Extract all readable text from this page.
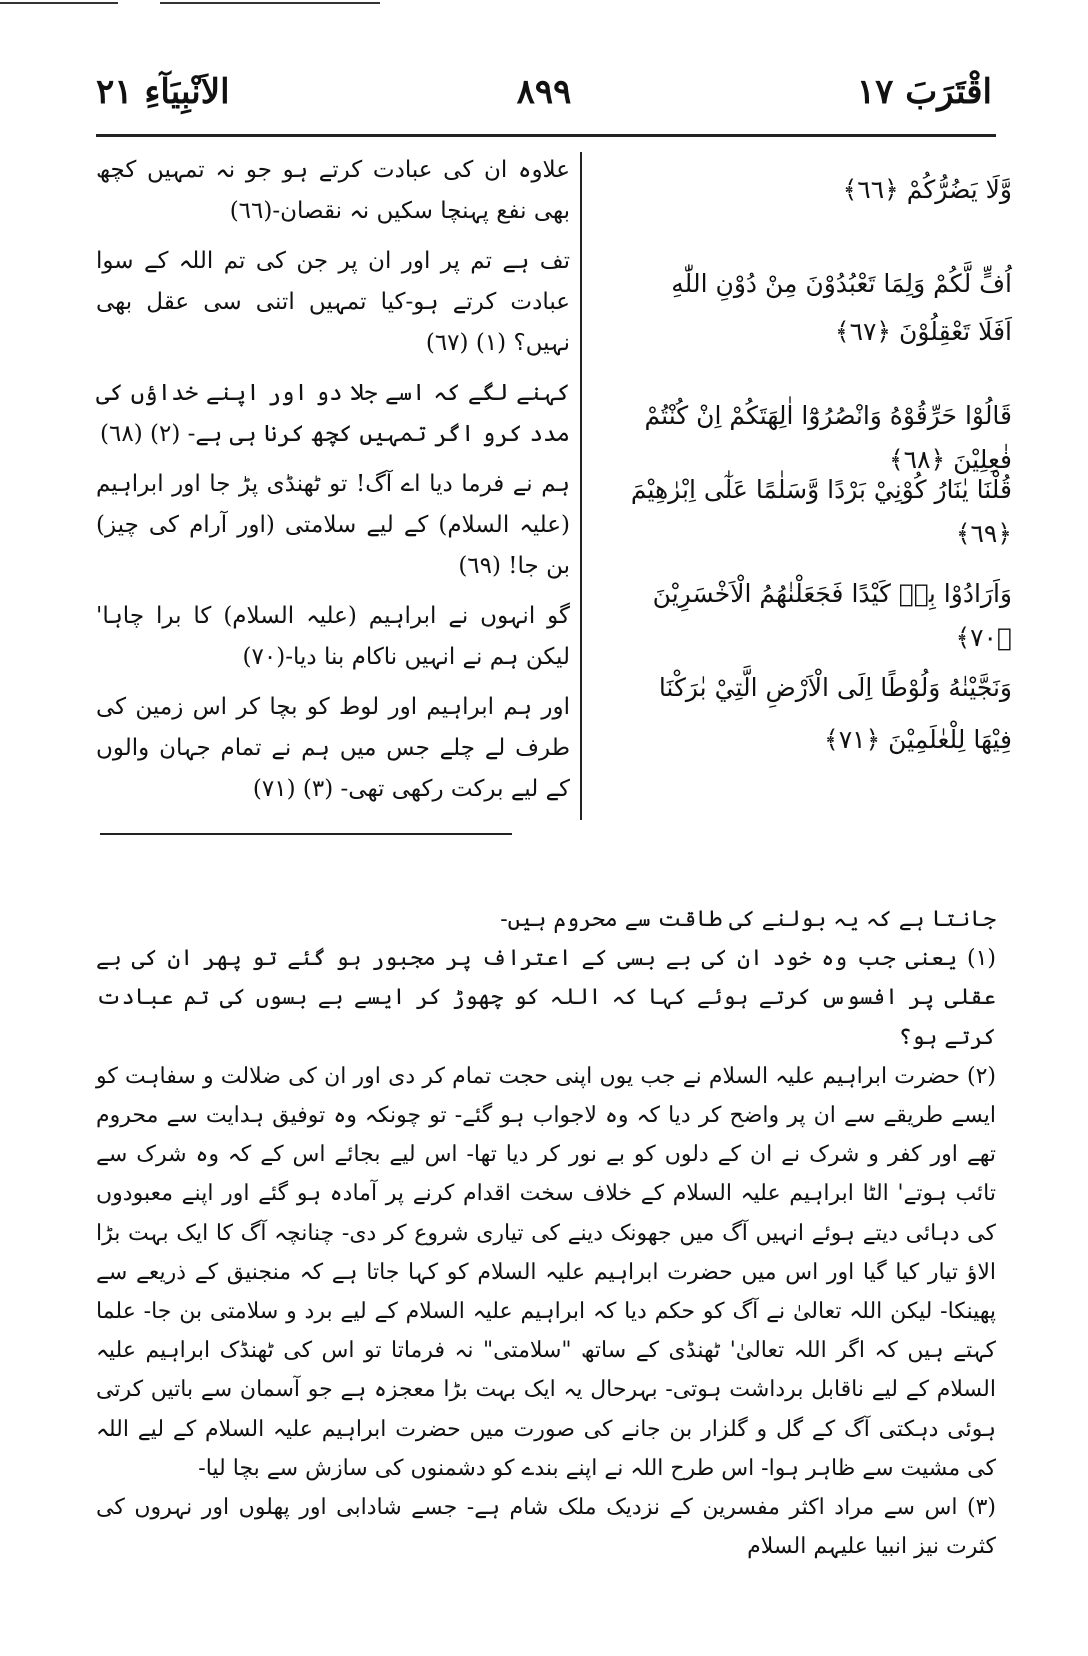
الاَنْبِيَآءِ ٢١	٨٩٩	اقْتَرَبَ ١٧
وَّلَا يَضُرُّكُمْ ﴿٦٦﴾
اُفٍّ لَّكُمْ وَلِمَا تَعْبُدُوْنَ مِنْ دُوْنِ اللّٰهِ
اَفَلَا تَعْقِلُوْنَ ﴿٦٧﴾
قَالُوْا حَرِّقُوْهُ وَانْصُرُوْٓا اٰلِهَتَكُمْ اِنْ كُنْتُمْ فٰعِلِيْنَ ﴿٦٨﴾
قُلْنَا يٰنَارُ كُوْنِيْ بَرْدًا وَّسَلٰمًا عَلٰٓى اِبْرٰهِيْمَ ﴿٦٩﴾
وَاَرَادُوْا بِهٖ كَيْدًا فَجَعَلْنٰهُمُ الْاَخْسَرِيْنَ ﴿٧٠﴾
وَنَجَّيْنٰهُ وَلُوْطًا اِلَى الْاَرْضِ الَّتِيْ بٰرَكْنَا
فِيْهَا لِلْعٰلَمِيْنَ ﴿٧١﴾

علاوہ ان کی عبادت کرتے ہو جو نہ تمہیں کچھ بھی نفع پہنچا سکیں نہ نقصان-(٦٦)

تف ہے تم پر اور ان پر جن کی تم اللہ کے سوا عبادت کرتے ہو-کیا تمہیں اتنی سی عقل بھی نہیں؟ (١) (٦٧)

کہنے لگے کہ اسے جلا دو اور اپنے خداؤں کی مدد کرو اگر تمہیں کچھ کرنا ہی ہے- (٢) (٦٨)

ہم نے فرما دیا اے آگ! تو ٹھنڈی پڑ جا اور ابراہیم (علیہ السلام) کے لیے سلامتی (اور آرام کی چیز) بن جا! (٦٩)

گو انہوں نے ابراہیم (علیہ السلام) کا برا چاہا' لیکن ہم نے انہیں ناکام بنا دیا-(٧٠)

اور ہم ابراہیم اور لوط کو بچا کر اس زمین کی طرف لے چلے جس میں ہم نے تمام جہان والوں کے لیے برکت رکھی تھی- (٣) (٧١)

جانتا ہے کہ یہ بولنے کی طاقت سے محروم ہیں-

(١) یعنی جب وہ خود ان کی بے بسی کے اعتراف پر مجبور ہو گئے تو پھر ان کی بے عقلی پر افسوس کرتے ہوئے کہا کہ اللہ کو چھوڑ کر ایسے بے بسوں کی تم عبادت کرتے ہو؟

(٢) حضرت ابراہیم علیہ السلام نے جب یوں اپنی حجت تمام کر دی اور ان کی ضلالت و سفاہت کو ایسے طریقے سے ان پر واضح کر دیا کہ وہ لاجواب ہو گئے- تو چونکہ وہ توفیق ہدایت سے محروم تھے اور کفر و شرک نے ان کے دلوں کو بے نور کر دیا تھا- اس لیے بجائے اس کے کہ وہ شرک سے تائب ہوتے' الٹا ابراہیم علیہ السلام کے خلاف سخت اقدام کرنے پر آمادہ ہو گئے اور اپنے معبودوں کی دہائی دیتے ہوئے انہیں آگ میں جھونک دینے کی تیاری شروع کر دی- چنانچہ آگ کا ایک بہت بڑا الاؤ تیار کیا گیا اور اس میں حضرت ابراہیم علیہ السلام کو کہا جاتا ہے کہ منجنیق کے ذریعے سے پھینکا- لیکن اللہ تعالیٰ نے آگ کو حکم دیا کہ ابراہیم علیہ السلام کے لیے برد و سلامتی بن جا- علما کہتے ہیں کہ اگر اللہ تعالیٰ' ٹھنڈی کے ساتھ "سلامتی" نہ فرماتا تو اس کی ٹھنڈک ابراہیم علیہ السلام کے لیے ناقابل برداشت ہوتی- بہرحال یہ ایک بہت بڑا معجزہ ہے جو آسمان سے باتیں کرتی ہوئی دہکتی آگ کے گل و گلزار بن جانے کی صورت میں حضرت ابراہیم علیہ السلام کے لیے اللہ کی مشیت سے ظاہر ہوا- اس طرح اللہ نے اپنے بندے کو دشمنوں کی سازش سے بچا لیا-

(٣) اس سے مراد اکثر مفسرین کے نزدیک ملک شام ہے- جسے شادابی اور پھلوں اور نہروں کی کثرت نیز انبیا علیہم السلام
